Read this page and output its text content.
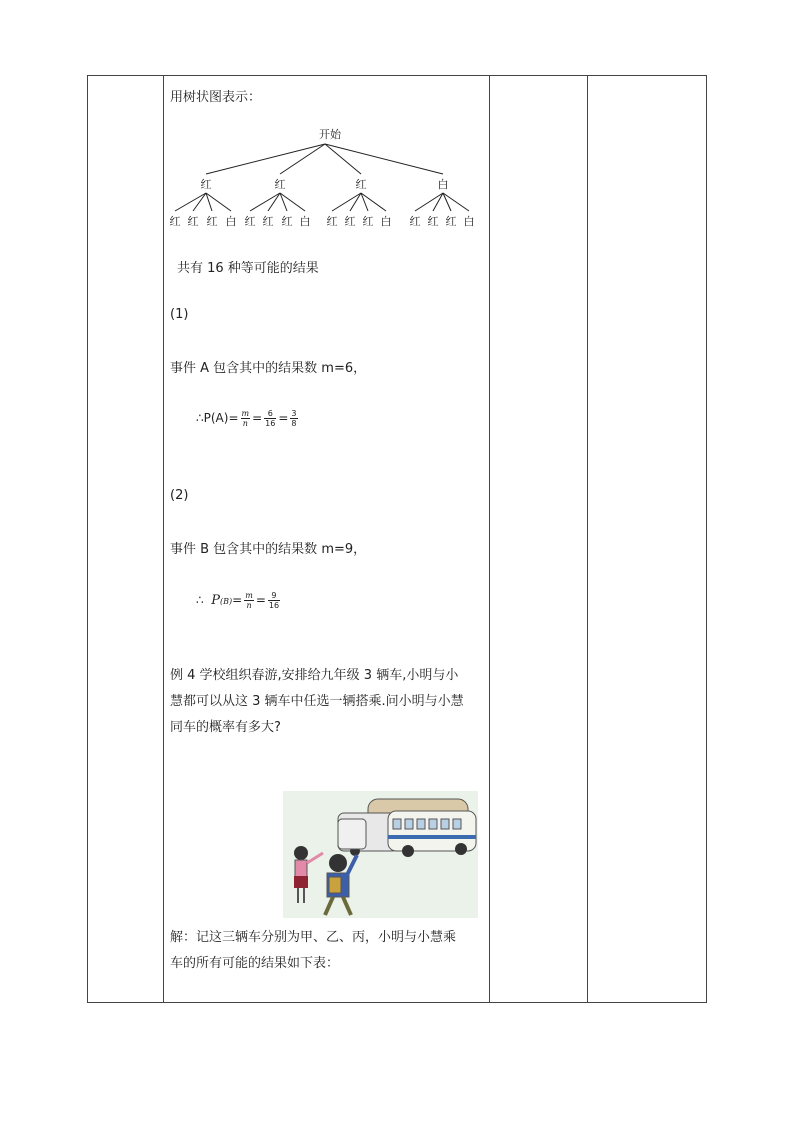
用树状图表示：
开始
红	红	红	白
红 红 红 白 红 红 红 白 红 红 红 白 红 红 红 白
共有 16 种等可能的结果
(1)
事件 A 包含其中的结果数 m=6，
∴P(A)= $\frac{m}{n} = \frac{6}{16} = \frac{3}{8}$
(2)
事件 B 包含其中的结果数 m=9，
∴ $P(B)= \frac{m}{n} = \frac{9}{16}$
例 4 学校组织春游,安排给九年级 3 辆车,小明与小
慧都可以从这 3 辆车中任选一辆搭乘.问小明与小慧
同车的概率有多大?
解：记这三辆车分别为甲、乙、丙，小明与小慧乘
车的所有可能的结果如下表：
